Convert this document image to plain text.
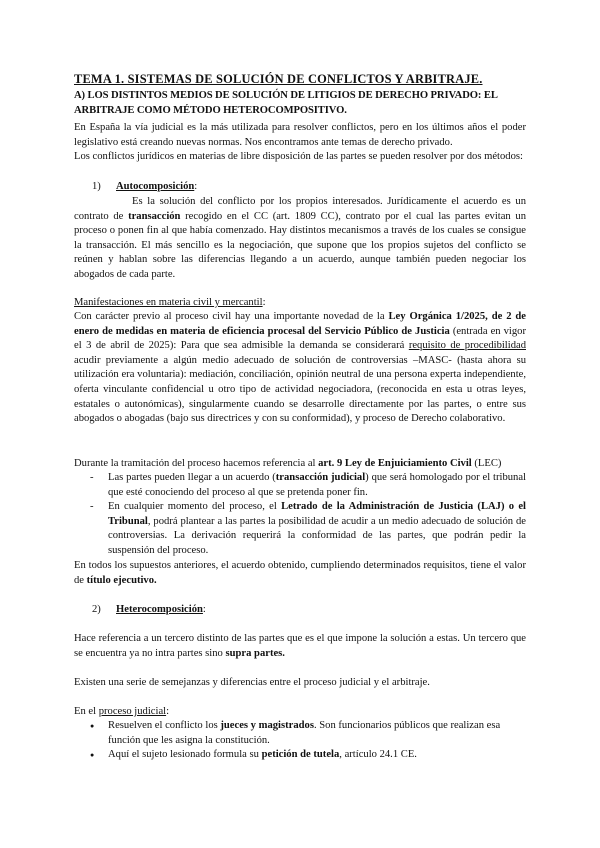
TEMA 1. SISTEMAS DE SOLUCIÓN DE CONFLICTOS Y ARBITRAJE.
A) LOS DISTINTOS MEDIOS DE SOLUCIÓN DE LITIGIOS DE DERECHO PRIVADO: EL ARBITRAJE COMO MÉTODO HETEROCOMPOSITIVO.

En España la vía judicial es la más utilizada para resolver conflictos, pero en los últimos años el poder legislativo está creando nuevas normas. Nos encontramos ante temas de derecho privado.

Los conflictos jurídicos en materias de libre disposición de las partes se pueden resolver por dos métodos:

1) Autocomposición:

Es la solución del conflicto por los propios interesados. Jurídicamente el acuerdo es un contrato de transacción recogido en el CC (art. 1809 CC), contrato por el cual las partes evitan un proceso o ponen fin al que había comenzado. Hay distintos mecanismos a través de los cuales se consigue la transacción. El más sencillo es la negociación, que supone que los propios sujetos del conflicto se reúnen y hablan sobre las diferencias llegando a un acuerdo, aunque también pueden negociar los abogados de cada parte.

Manifestaciones en materia civil y mercantil:

Con carácter previo al proceso civil hay una importante novedad de la Ley Orgánica 1/2025, de 2 de enero de medidas en materia de eficiencia procesal del Servicio Público de Justicia (entrada en vigor el 3 de abril de 2025): Para que sea admisible la demanda se considerará requisito de procedibilidad acudir previamente a algún medio adecuado de solución de controversias –MASC- (hasta ahora su utilización era voluntaria): mediación, conciliación, opinión neutral de una persona experta independiente, oferta vinculante confidencial u otro tipo de actividad negociadora, (reconocida en esta u otras leyes, estatales o autonómicas), singularmente cuando se desarrolle directamente por las partes, o entre sus abogados o abogadas (bajo sus directrices y con su conformidad), y proceso de Derecho colaborativo.

Durante la tramitación del proceso hacemos referencia al art. 9 Ley de Enjuiciamiento Civil (LEC)

- Las partes pueden llegar a un acuerdo (transacción judicial) que será homologado por el tribunal que esté conociendo del proceso al que se pretenda poner fin.
- En cualquier momento del proceso, el Letrado de la Administración de Justicia (LAJ) o el Tribunal, podrá plantear a las partes la posibilidad de acudir a un medio adecuado de solución de controversias. La derivación requerirá la conformidad de las partes, que podrán pedir la suspensión del proceso.

En todos los supuestos anteriores, el acuerdo obtenido, cumpliendo determinados requisitos, tiene el valor de título ejecutivo.

2) Heterocomposición:

Hace referencia a un tercero distinto de las partes que es el que impone la solución a estas. Un tercero que se encuentra ya no intra partes sino supra partes.

Existen una serie de semejanzas y diferencias entre el proceso judicial y el arbitraje.

En el proceso judicial:

● Resuelven el conflicto los jueces y magistrados. Son funcionarios públicos que realizan esa función que les asigna la constitución.
● Aquí el sujeto lesionado formula su petición de tutela, artículo 24.1 CE.
